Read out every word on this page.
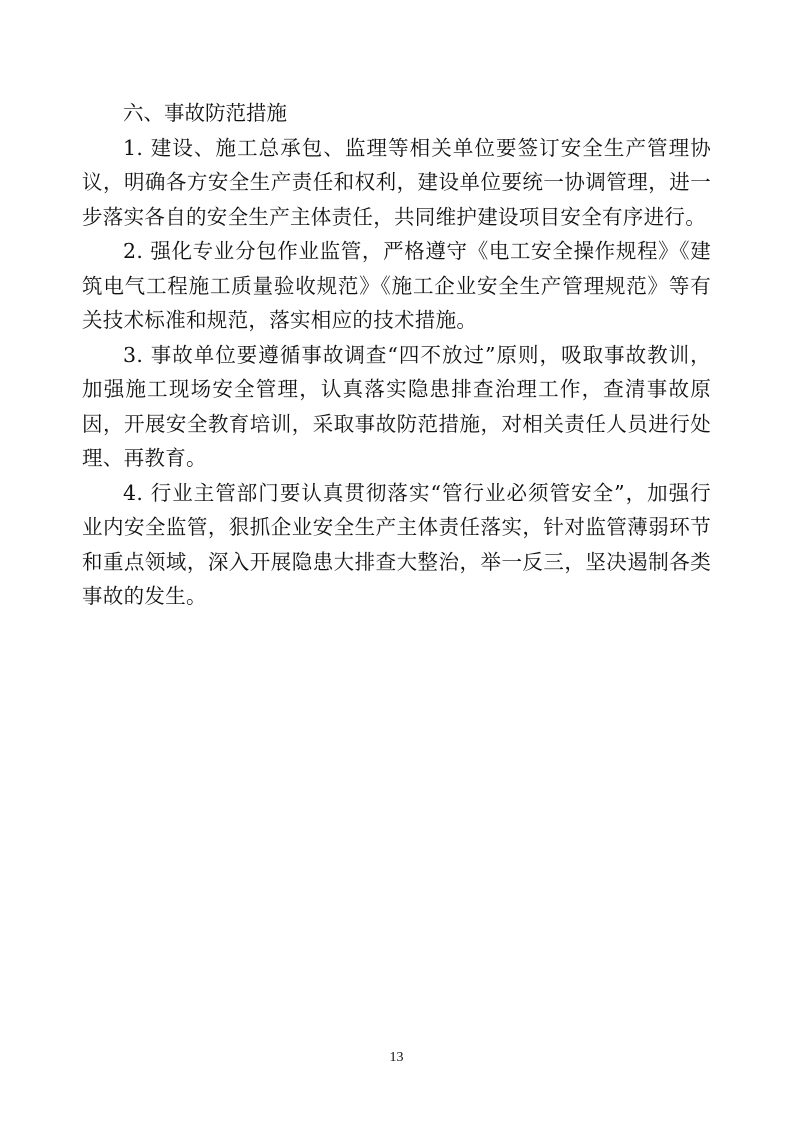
六、事故防范措施

1. 建设、施工总承包、监理等相关单位要签订安全生产管理协议，明确各方安全生产责任和权利，建设单位要统一协调管理，进一步落实各自的安全生产主体责任，共同维护建设项目安全有序进行。

2. 强化专业分包作业监管，严格遵守《电工安全操作规程》《建筑电气工程施工质量验收规范》《施工企业安全生产管理规范》等有关技术标准和规范，落实相应的技术措施。

3. 事故单位要遵循事故调查“四不放过”原则，吸取事故教训，加强施工现场安全管理，认真落实隐患排查治理工作，查清事故原因，开展安全教育培训，采取事故防范措施，对相关责任人员进行处理、再教育。

4. 行业主管部门要认真贯彻落实“管行业必须管安全”，加强行业内安全监管，狠抓企业安全生产主体责任落实，针对监管薄弱环节和重点领域，深入开展隐患大排查大整治，举一反三，坚决遏制各类事故的发生。

13
